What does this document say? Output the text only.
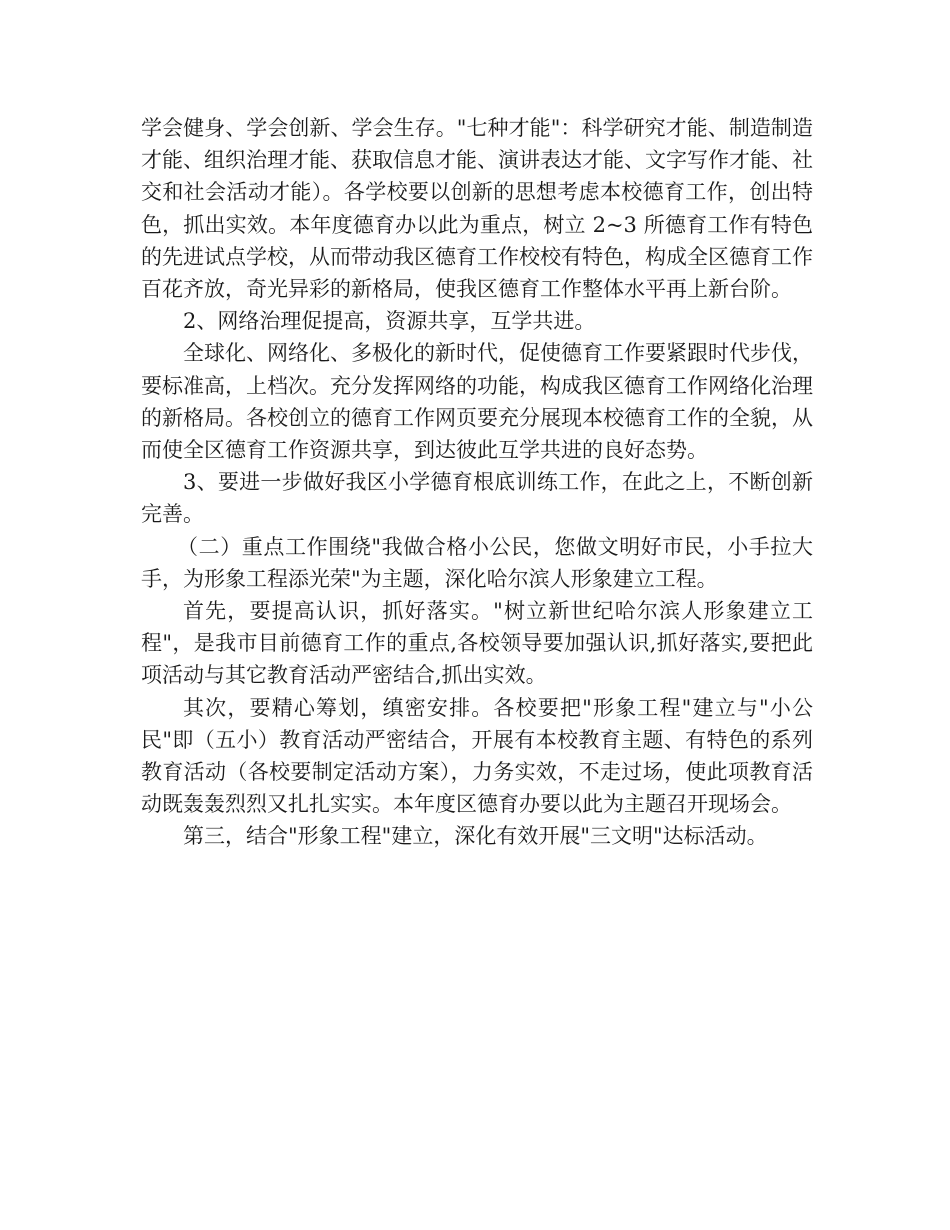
学会健身、学会创新、学会生存。"七种才能"：科学研究才能、制造制造才能、组织治理才能、获取信息才能、演讲表达才能、文字写作才能、社交和社会活动才能）。各学校要以创新的思想考虑本校德育工作，创出特色，抓出实效。本年度德育办以此为重点，树立 2~3 所德育工作有特色的先进试点学校，从而带动我区德育工作校校有特色，构成全区德育工作百花齐放，奇光异彩的新格局，使我区德育工作整体水平再上新台阶。

2、网络治理促提高，资源共享，互学共进。

全球化、网络化、多极化的新时代，促使德育工作要紧跟时代步伐，要标准高，上档次。充分发挥网络的功能，构成我区德育工作网络化治理的新格局。各校创立的德育工作网页要充分展现本校德育工作的全貌，从而使全区德育工作资源共享，到达彼此互学共进的良好态势。

3、要进一步做好我区小学德育根底训练工作，在此之上，不断创新完善。

（二）重点工作围绕"我做合格小公民，您做文明好市民，小手拉大手，为形象工程添光荣"为主题，深化哈尔滨人形象建立工程。

首先，要提高认识，抓好落实。"树立新世纪哈尔滨人形象建立工程"，是我市目前德育工作的重点,各校领导要加强认识,抓好落实,要把此项活动与其它教育活动严密结合,抓出实效。

其次，要精心筹划，缜密安排。各校要把"形象工程"建立与"小公民"即（五小）教育活动严密结合，开展有本校教育主题、有特色的系列教育活动（各校要制定活动方案），力务实效，不走过场，使此项教育活动既轰轰烈烈又扎扎实实。本年度区德育办要以此为主题召开现场会。

第三，结合"形象工程"建立，深化有效开展"三文明"达标活动。
